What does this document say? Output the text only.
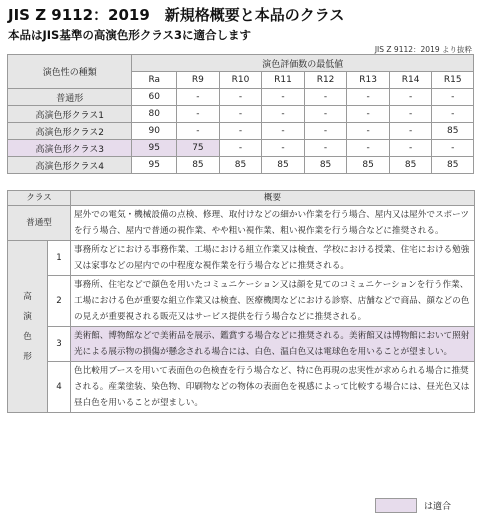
JIS Z 9112：2019　新規格概要と本品のクラス
本品はJIS基準の高演色形クラス3に適合します
JIS Z 9112：2019 より抜粋
演色性の種類	演色評価数の最低値							
	Ra	R9	R10	R11	R12	R13	R14	R15
普通形	60	-	-	-	-	-	-	-
高演色形クラス1	80	-	-	-	-	-	-	-
高演色形クラス2	90	-	-	-	-	-	-	85
高演色形クラス3	95	75	-	-	-	-	-	-
高演色形クラス4	95	85	85	85	85	85	85	85
クラス		概要
普通型		屋外での電気・機械設備の点検、修理、取付けなどの細かい作業を行う場合、屋内又は屋外でスポーツを行う場合、屋内で普通の視作業、やや粗い視作業、粗い視作業を行う場合などに推奨される。

高
演
色
形	1	事務所などにおける事務作業、工場における組立作業又は検査、学校における授業、住宅における勉強又は家事などの屋内での中程度な視作業を行う場合などに推奨される。
	2	事務所、住宅などで顔色を用いたコミュニケーション又は顔を見てのコミュニケーションを行う作業、工場における色が重要な組立作業又は検査、医療機関などにおける診察、店舗などで商品、顔などの色の見えが重要視される販売又はサービス提供を行う場合などに推奨される。
	3	美術館、博物館などで美術品を展示、鑑賞する場合などに推奨される。美術館又は博物館において照射光による展示物の損傷が懸念される場合には、白色、温白色又は電球色を用いることが望ましい。
	4	色比較用ブースを用いて表面色の色検査を行う場合など、特に色再現の忠実性が求められる場合に推奨される。産業塗装、染色物、印刷物などの物体の表面色を視感によって比較する場合には、昼光色又は昼白色を用いることが望ましい。
は適合
